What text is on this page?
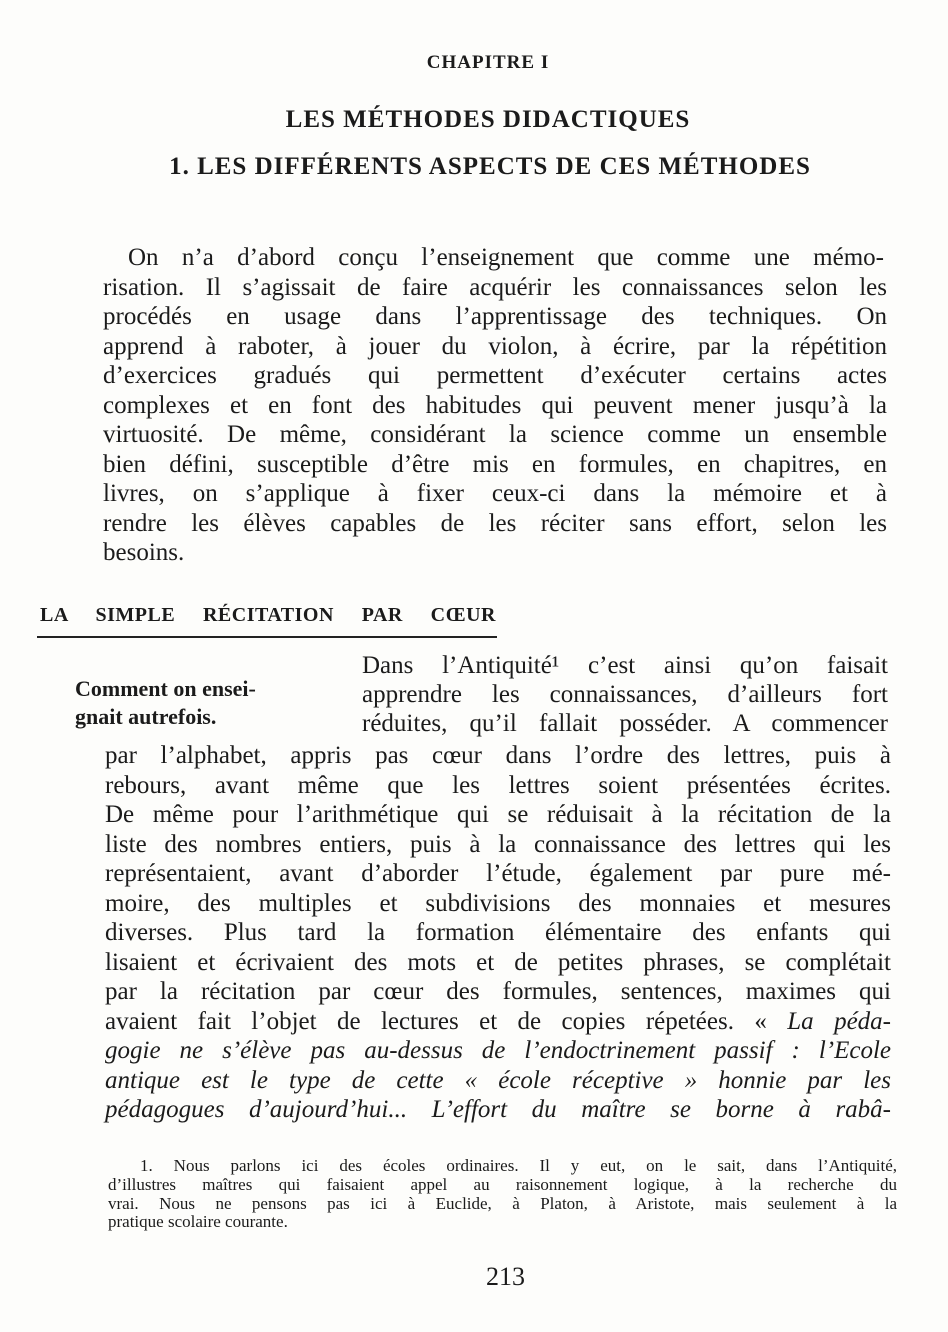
CHAPITRE I
LES MÉTHODES DIDACTIQUES
1. LES DIFFÉRENTS ASPECTS DE CES MÉTHODES
On n’a d’abord conçu l’enseignement que comme une mémo-
risation. Il s’agissait de faire acquérir les connaissances selon les
procédés en usage dans l’apprentissage des techniques. On
apprend à raboter, à jouer du violon, à écrire, par la répétition
d’exercices gradués qui permettent d’exécuter certains actes
complexes et en font des habitudes qui peuvent mener jusqu’à la
virtuosité. De même, considérant la science comme un ensemble
bien défini, susceptible d’être mis en formules, en chapitres, en
livres, on s’applique à fixer ceux-ci dans la mémoire et à
rendre les élèves capables de les réciter sans effort, selon les
besoins.
LA SIMPLE RÉCITATION PAR CŒUR
Comment on ensei-
gnait autrefois.
Dans l’Antiquité¹ c’est ainsi qu’on faisait
apprendre les connaissances, d’ailleurs fort
réduites, qu’il fallait posséder. A commencer
par l’alphabet, appris pas cœur dans l’ordre des lettres, puis à
rebours, avant même que les lettres soient présentées écrites.
De même pour l’arithmétique qui se réduisait à la récitation de la
liste des nombres entiers, puis à la connaissance des lettres qui les
représentaient, avant d’aborder l’étude, également par pure mé-
moire, des multiples et subdivisions des monnaies et mesures
diverses. Plus tard la formation élémentaire des enfants qui
lisaient et écrivaient des mots et de petites phrases, se complétait
par la récitation par cœur des formules, sentences, maximes qui
avaient fait l’objet de lectures et de copies répetées. « La péda-
gogie ne s’élève pas au-dessus de l’endoctrinement passif : l’Ecole
antique est le type de cette « école réceptive » honnie par les
pédagogues d’aujourd’hui... L’effort du maître se borne à rabâ-
1. Nous parlons ici des écoles ordinaires. Il y eut, on le sait, dans l’Antiquité,
d’illustres maîtres qui faisaient appel au raisonnement logique, à la recherche du
vrai. Nous ne pensons pas ici à Euclide, à Platon, à Aristote, mais seulement à la
pratique scolaire courante.
213
